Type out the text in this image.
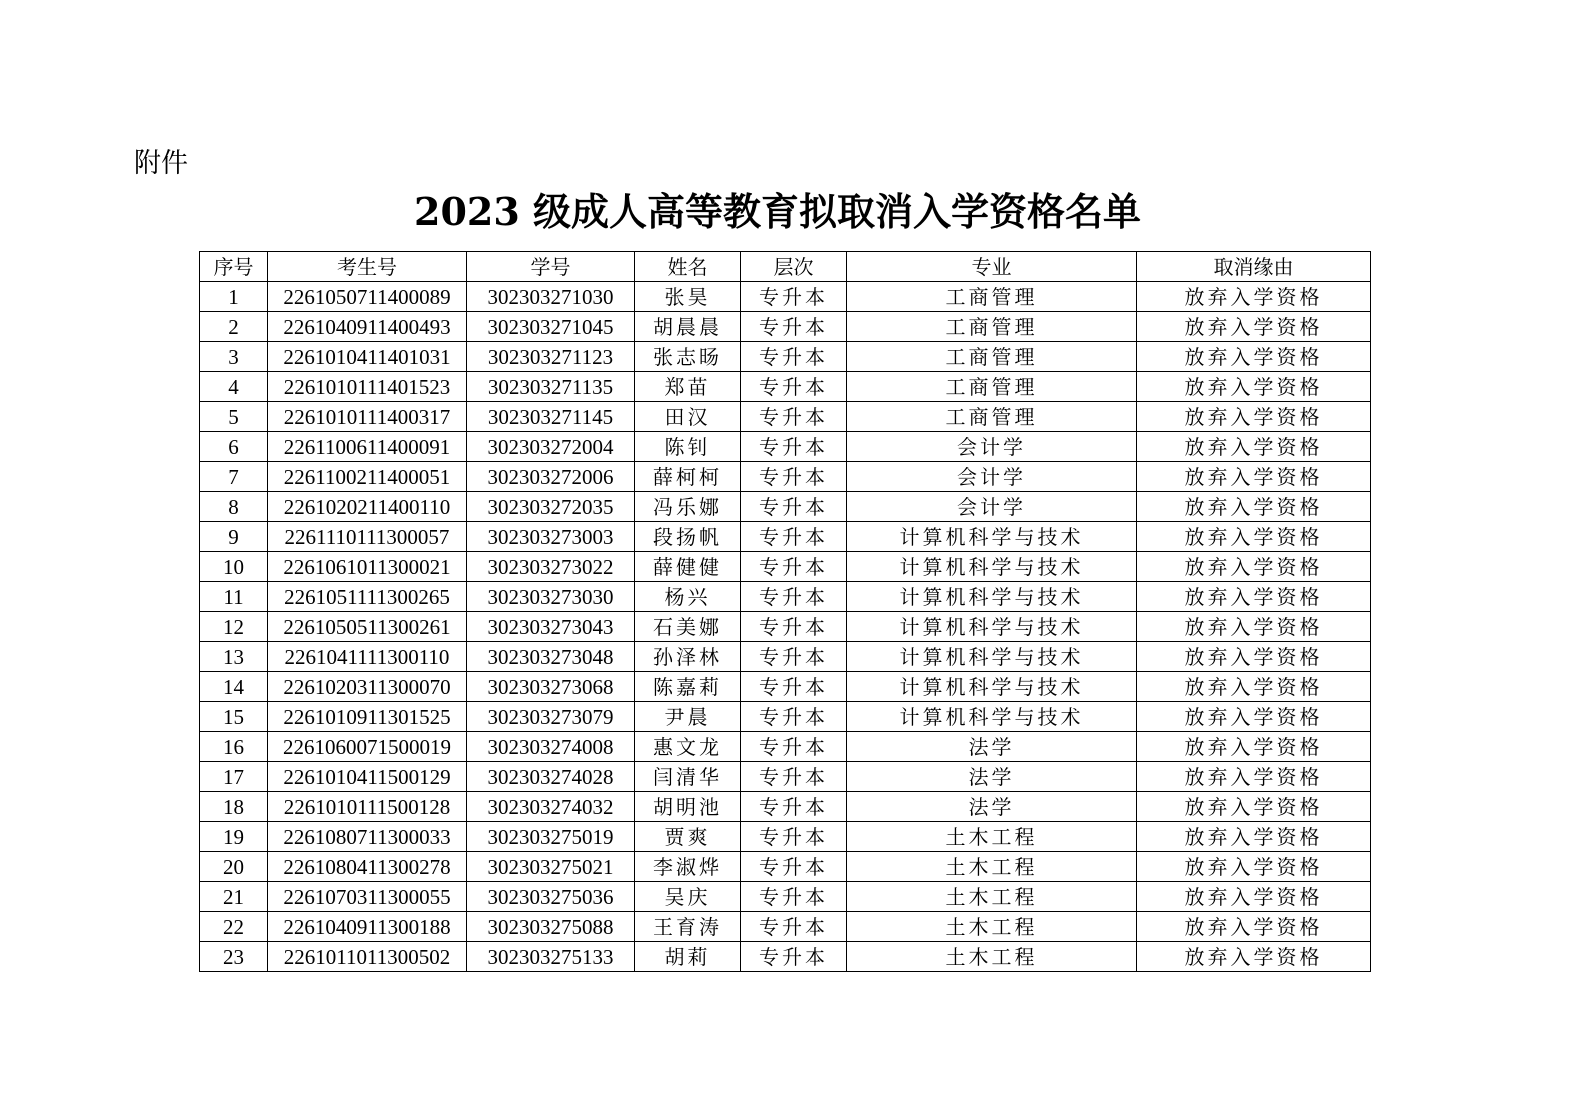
附件
2023 级成人高等教育拟取消入学资格名单
序号	考生号	学号	姓名	层次	专业	取消缘由
1	2261050711400089	302303271030	张昊	专升本	工商管理	放弃入学资格
2	2261040911400493	302303271045	胡晨晨	专升本	工商管理	放弃入学资格
3	2261010411401031	302303271123	张志旸	专升本	工商管理	放弃入学资格
4	2261010111401523	302303271135	郑苗	专升本	工商管理	放弃入学资格
5	2261010111400317	302303271145	田汉	专升本	工商管理	放弃入学资格
6	2261100611400091	302303272004	陈钊	专升本	会计学	放弃入学资格
7	2261100211400051	302303272006	薛柯柯	专升本	会计学	放弃入学资格
8	2261020211400110	302303272035	冯乐娜	专升本	会计学	放弃入学资格
9	2261110111300057	302303273003	段扬帆	专升本	计算机科学与技术	放弃入学资格
10	2261061011300021	302303273022	薛健健	专升本	计算机科学与技术	放弃入学资格
11	2261051111300265	302303273030	杨兴	专升本	计算机科学与技术	放弃入学资格
12	2261050511300261	302303273043	石美娜	专升本	计算机科学与技术	放弃入学资格
13	2261041111300110	302303273048	孙泽林	专升本	计算机科学与技术	放弃入学资格
14	2261020311300070	302303273068	陈嘉莉	专升本	计算机科学与技术	放弃入学资格
15	2261010911301525	302303273079	尹晨	专升本	计算机科学与技术	放弃入学资格
16	2261060071500019	302303274008	惠文龙	专升本	法学	放弃入学资格
17	2261010411500129	302303274028	闫清华	专升本	法学	放弃入学资格
18	2261010111500128	302303274032	胡明池	专升本	法学	放弃入学资格
19	2261080711300033	302303275019	贾爽	专升本	土木工程	放弃入学资格
20	2261080411300278	302303275021	李淑烨	专升本	土木工程	放弃入学资格
21	2261070311300055	302303275036	吴庆	专升本	土木工程	放弃入学资格
22	2261040911300188	302303275088	王育涛	专升本	土木工程	放弃入学资格
23	2261011011300502	302303275133	胡莉	专升本	土木工程	放弃入学资格
